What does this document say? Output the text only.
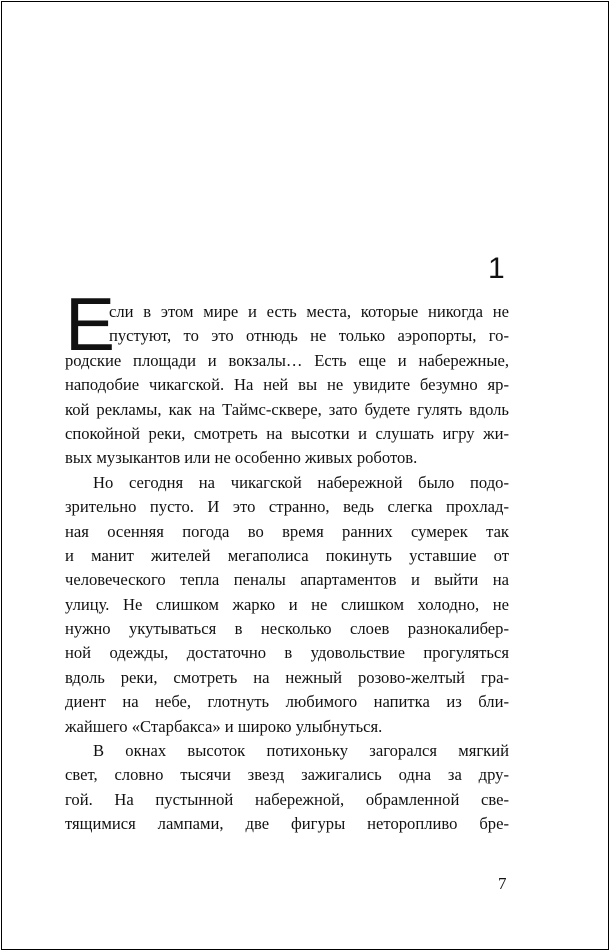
1
Е
сли в этом мире и есть места, которые никогда не
пустуют, то это отнюдь не только аэропорты, го-
родские площади и вокзалы… Есть еще и набережные,
наподобие чикагской. На ней вы не увидите безумно яр-
кой рекламы, как на Таймс-сквере, зато будете гулять вдоль
спокойной реки, смотреть на высотки и слушать игру жи-
вых музыкантов или не особенно живых роботов.
Но сегодня на чикагской набережной было подо-
зрительно пусто. И это странно, ведь слегка прохлад-
ная осенняя погода во время ранних сумерек так
и манит жителей мегаполиса покинуть уставшие от
человеческого тепла пеналы апартаментов и выйти на
улицу. Не слишком жарко и не слишком холодно, не
нужно укутываться в несколько слоев разнокалибер-
ной одежды, достаточно в удовольствие прогуляться
вдоль реки, смотреть на нежный розово-желтый гра-
диент на небе, глотнуть любимого напитка из бли-
жайшего «Старбакса» и широко улыбнуться.
В окнах высоток потихоньку загорался мягкий
свет, словно тысячи звезд зажигались одна за дру-
гой. На пустынной набережной, обрамленной све-
тящимися лампами, две фигуры неторопливо бре-
7
